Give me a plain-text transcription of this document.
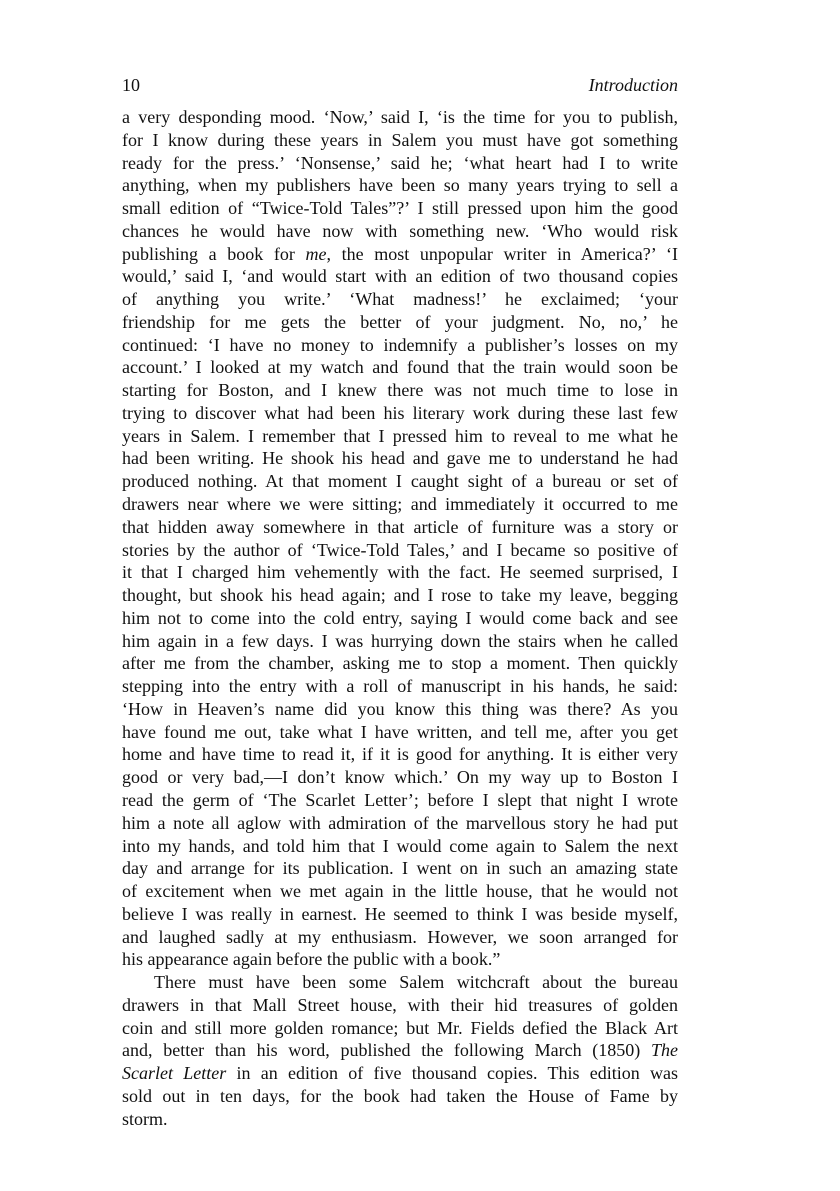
10	Introduction
a very desponding mood. ‘Now,’ said I, ‘is the time for you to publish,
for I know during these years in Salem you must have got something
ready for the press.’ ‘Nonsense,’ said he; ‘what heart had I to write
anything, when my publishers have been so many years trying to sell a
small edition of “Twice-Told Tales”?’ I still pressed upon him the good
chances he would have now with something new. ‘Who would risk
publishing a book for me, the most unpopular writer in America?’ ‘I
would,’ said I, ‘and would start with an edition of two thousand copies
of anything you write.’ ‘What madness!’ he exclaimed; ‘your
friendship for me gets the better of your judgment. No, no,’ he
continued: ‘I have no money to indemnify a publisher’s losses on my
account.’ I looked at my watch and found that the train would soon be
starting for Boston, and I knew there was not much time to lose in
trying to discover what had been his literary work during these last few
years in Salem. I remember that I pressed him to reveal to me what he
had been writing. He shook his head and gave me to understand he had
produced nothing. At that moment I caught sight of a bureau or set of
drawers near where we were sitting; and immediately it occurred to me
that hidden away somewhere in that article of furniture was a story or
stories by the author of ‘Twice-Told Tales,’ and I became so positive of
it that I charged him vehemently with the fact. He seemed surprised, I
thought, but shook his head again; and I rose to take my leave, begging
him not to come into the cold entry, saying I would come back and see
him again in a few days. I was hurrying down the stairs when he called
after me from the chamber, asking me to stop a moment. Then quickly
stepping into the entry with a roll of manuscript in his hands, he said:
‘How in Heaven’s name did you know this thing was there? As you
have found me out, take what I have written, and tell me, after you get
home and have time to read it, if it is good for anything. It is either very
good or very bad,—I don’t know which.’ On my way up to Boston I
read the germ of ‘The Scarlet Letter’; before I slept that night I wrote
him a note all aglow with admiration of the marvellous story he had put
into my hands, and told him that I would come again to Salem the next
day and arrange for its publication. I went on in such an amazing state
of excitement when we met again in the little house, that he would not
believe I was really in earnest. He seemed to think I was beside myself,
and laughed sadly at my enthusiasm. However, we soon arranged for
his appearance again before the public with a book.”
There must have been some Salem witchcraft about the bureau
drawers in that Mall Street house, with their hid treasures of golden
coin and still more golden romance; but Mr. Fields defied the Black Art
and, better than his word, published the following March (1850) The
Scarlet Letter in an edition of five thousand copies. This edition was
sold out in ten days, for the book had taken the House of Fame by
storm.
